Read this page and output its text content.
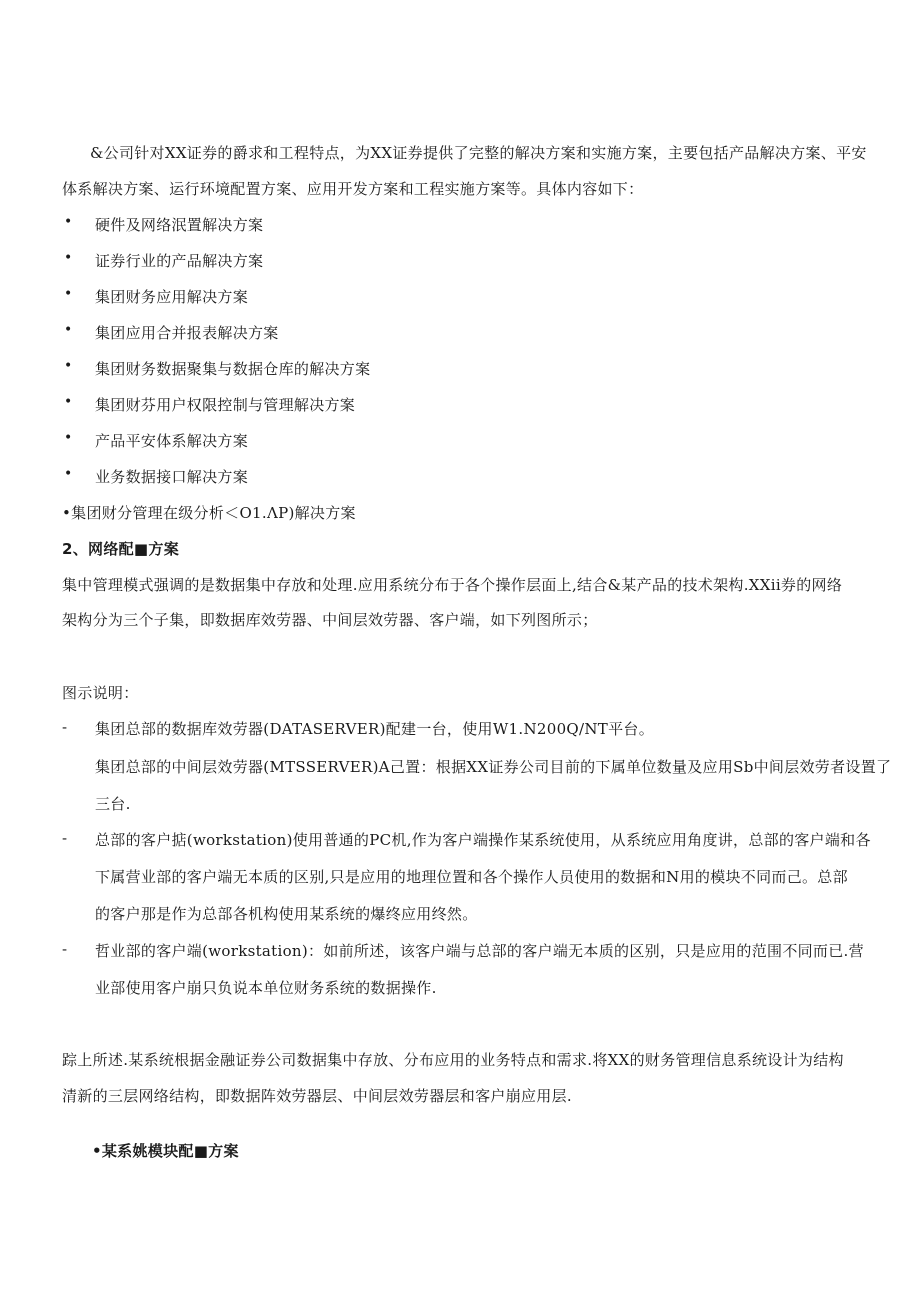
&公司针对XX证券的爵求和工程特点，为XX证券提供了完整的解决方案和实施方案，主要包括产品解决方案、平安
体系解决方案、运行环境配置方案、应用开发方案和工程实施方案等。具体内容如下：
• 硬件及网络泯置解决方案
• 证券行业的产品解决方案
• 集团财务应用解决方案
• 集团应用合并报表解决方案
• 集团财务数据聚集与数据仓库的解决方案
• 集团财芬用户权限控制与管理解决方案
• 产品平安体系解决方案
• 业务数据接口解决方案
•集团财分管理在级分析＜O1.ΛP)解决方案
2、网络配■方案
集中管理模式强调的是数据集中存放和处理.应用系统分布于各个操作层面上,结合&某产品的技术架构.XXii券的网络
架构分为三个子集，即数据库效劳器、中间层效劳器、客户端，如下列图所示；
图示说明：
- 集团总部的数据库效劳器(DATASERVER)配建一台，使用W1.N200Q/NT平台。
集团总部的中间层效劳器(MTSSERVER)A己置：根据XX证券公司目前的下属单位数量及应用Sb中间层效劳者设置了
三台.
- 总部的客户掂(workstation)使用普通的PC机,作为客户端操作某系统使用，从系统应用角度讲，总部的客户端和各
下属营业部的客户端无本质的区别,只是应用的地理位置和各个操作人员使用的数据和N用的模块不同而己。总部
的客户那是作为总部各机构使用某系统的爆终应用终然。
- 哲业部的客户端(workstation)：如前所述，该客户端与总部的客户端无本质的区别，只是应用的范围不同而已.营
业部使用客户崩只负说本单位财务系统的数据操作.
踪上所述.某系统根据金融证券公司数据集中存放、分布应用的业务特点和需求.将XX的财务管理信息系统设计为结构
清新的三层网络结构，即数据阵效劳器层、中间层效劳器层和客户崩应用层.
•某系姚模块配■方案
